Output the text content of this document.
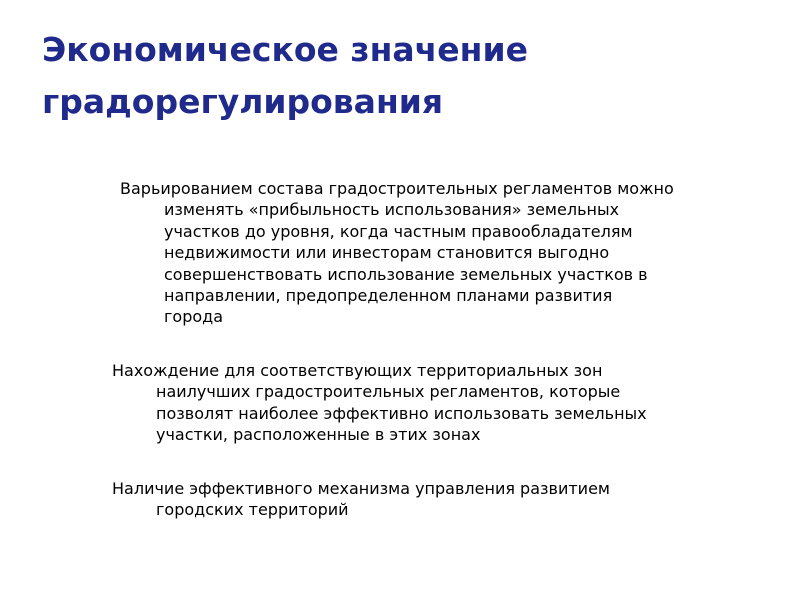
Экономическое значение
градорегулирования
Варьированием состава градостроительных регламентов можно
изменять «прибыльность использования» земельных
участков до уровня, когда частным правообладателям
недвижимости или инвесторам становится выгодно
совершенствовать использование земельных участков в
направлении, предопределенном планами развития
города
Нахождение для соответствующих территориальных зон
наилучших градостроительных регламентов, которые
позволят наиболее эффективно использовать земельных
участки, расположенные в этих зонах
Наличие эффективного механизма управления развитием
городских территорий
